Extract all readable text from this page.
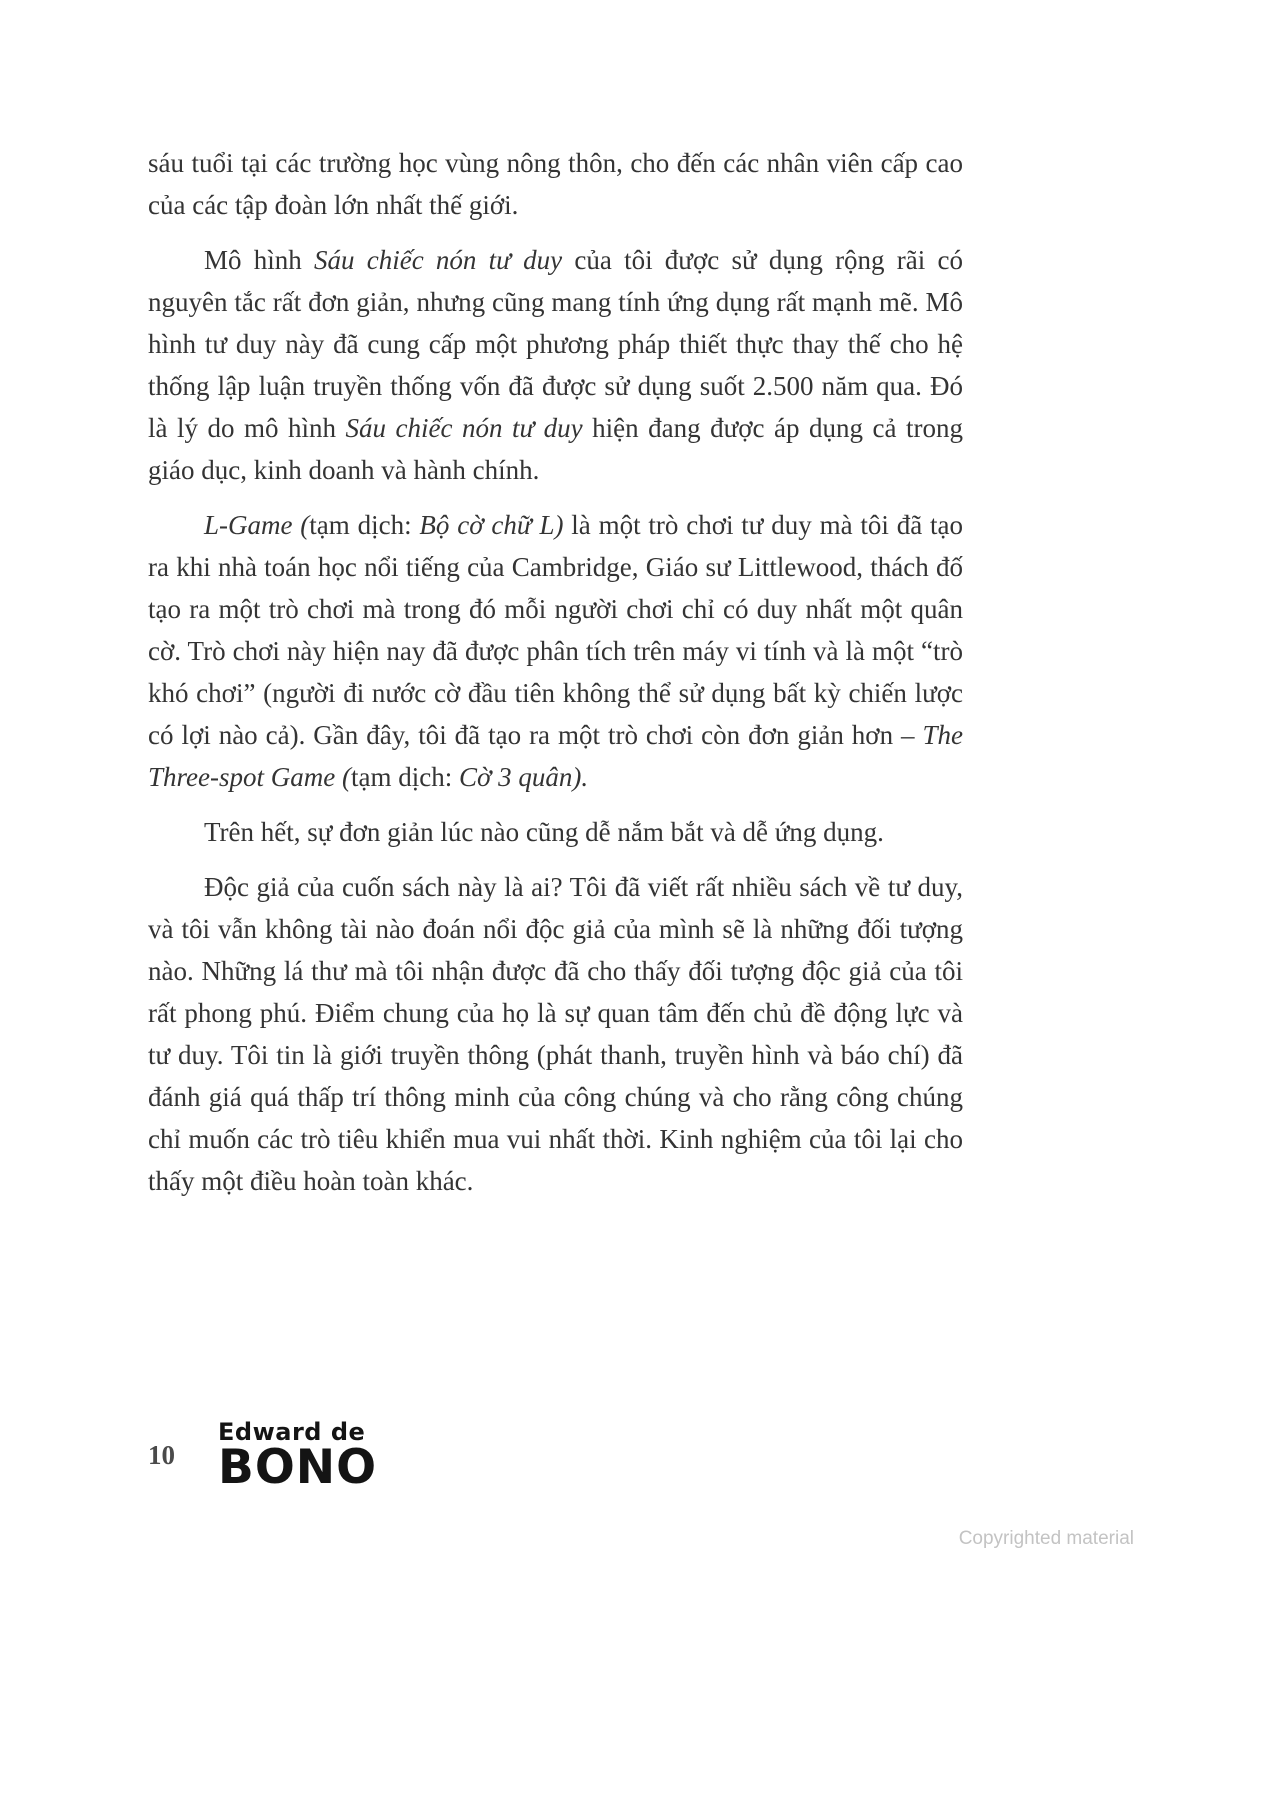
sáu tuổi tại các trường học vùng nông thôn, cho đến các nhân viên cấp cao của các tập đoàn lớn nhất thế giới.

Mô hình Sáu chiếc nón tư duy của tôi được sử dụng rộng rãi có nguyên tắc rất đơn giản, nhưng cũng mang tính ứng dụng rất mạnh mẽ. Mô hình tư duy này đã cung cấp một phương pháp thiết thực thay thế cho hệ thống lập luận truyền thống vốn đã được sử dụng suốt 2.500 năm qua. Đó là lý do mô hình Sáu chiếc nón tư duy hiện đang được áp dụng cả trong giáo dục, kinh doanh và hành chính.

L-Game (tạm dịch: Bộ cờ chữ L) là một trò chơi tư duy mà tôi đã tạo ra khi nhà toán học nổi tiếng của Cambridge, Giáo sư Littlewood, thách đố tạo ra một trò chơi mà trong đó mỗi người chơi chỉ có duy nhất một quân cờ. Trò chơi này hiện nay đã được phân tích trên máy vi tính và là một “trò khó chơi” (người đi nước cờ đầu tiên không thể sử dụng bất kỳ chiến lược có lợi nào cả). Gần đây, tôi đã tạo ra một trò chơi còn đơn giản hơn – The Three-spot Game (tạm dịch: Cờ 3 quân).

Trên hết, sự đơn giản lúc nào cũng dễ nắm bắt và dễ ứng dụng.

Độc giả của cuốn sách này là ai? Tôi đã viết rất nhiều sách về tư duy, và tôi vẫn không tài nào đoán nổi độc giả của mình sẽ là những đối tượng nào. Những lá thư mà tôi nhận được đã cho thấy đối tượng độc giả của tôi rất phong phú. Điểm chung của họ là sự quan tâm đến chủ đề động lực và tư duy. Tôi tin là giới truyền thông (phát thanh, truyền hình và báo chí) đã đánh giá quá thấp trí thông minh của công chúng và cho rằng công chúng chỉ muốn các trò tiêu khiển mua vui nhất thời. Kinh nghiệm của tôi lại cho thấy một điều hoàn toàn khác.

10
Edward de
BONO
Copyrighted material
